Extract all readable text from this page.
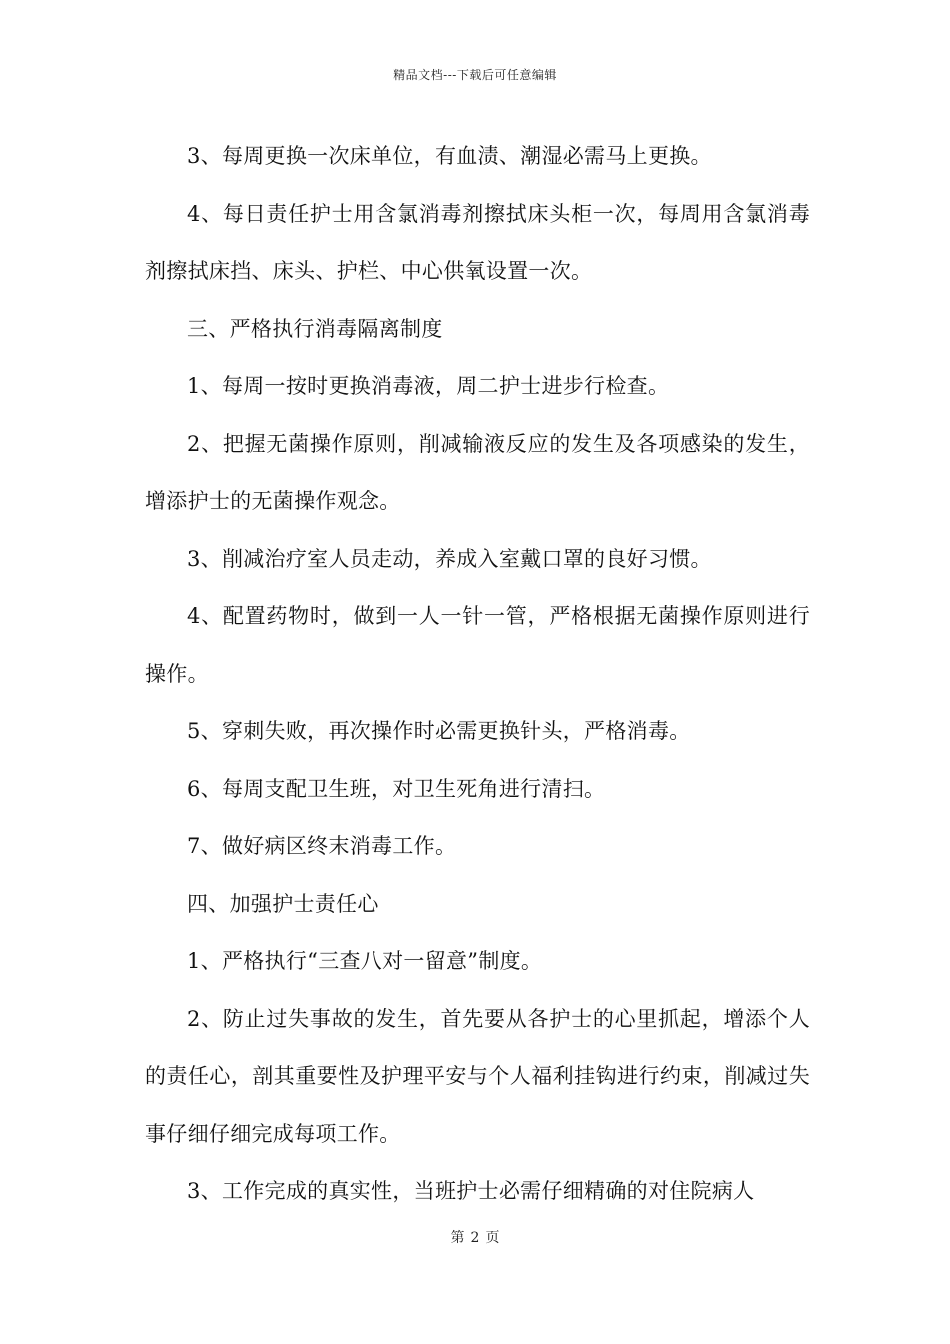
精品文档---下载后可任意编辑

3、每周更换一次床单位，有血渍、潮湿必需马上更换。

4、每日责任护士用含氯消毒剂擦拭床头柜一次，每周用含氯消毒剂擦拭床挡、床头、护栏、中心供氧设置一次。

三、严格执行消毒隔离制度

1、每周一按时更换消毒液，周二护士进步行检查。

2、把握无菌操作原则，削减输液反应的发生及各项感染的发生，增添护士的无菌操作观念。

3、削减治疗室人员走动，养成入室戴口罩的良好习惯。

4、配置药物时，做到一人一针一管，严格根据无菌操作原则进行操作。

5、穿刺失败，再次操作时必需更换针头，严格消毒。

6、每周支配卫生班，对卫生死角进行清扫。

7、做好病区终末消毒工作。

四、加强护士责任心

1、严格执行“三查八对一留意”制度。

2、防止过失事故的发生，首先要从各护士的心里抓起，增添个人的责任心，剖其重要性及护理平安与个人福利挂钩进行约束，削减过失事仔细仔细完成每项工作。

3、工作完成的真实性，当班护士必需仔细精确的对住院病人

第 2 页
